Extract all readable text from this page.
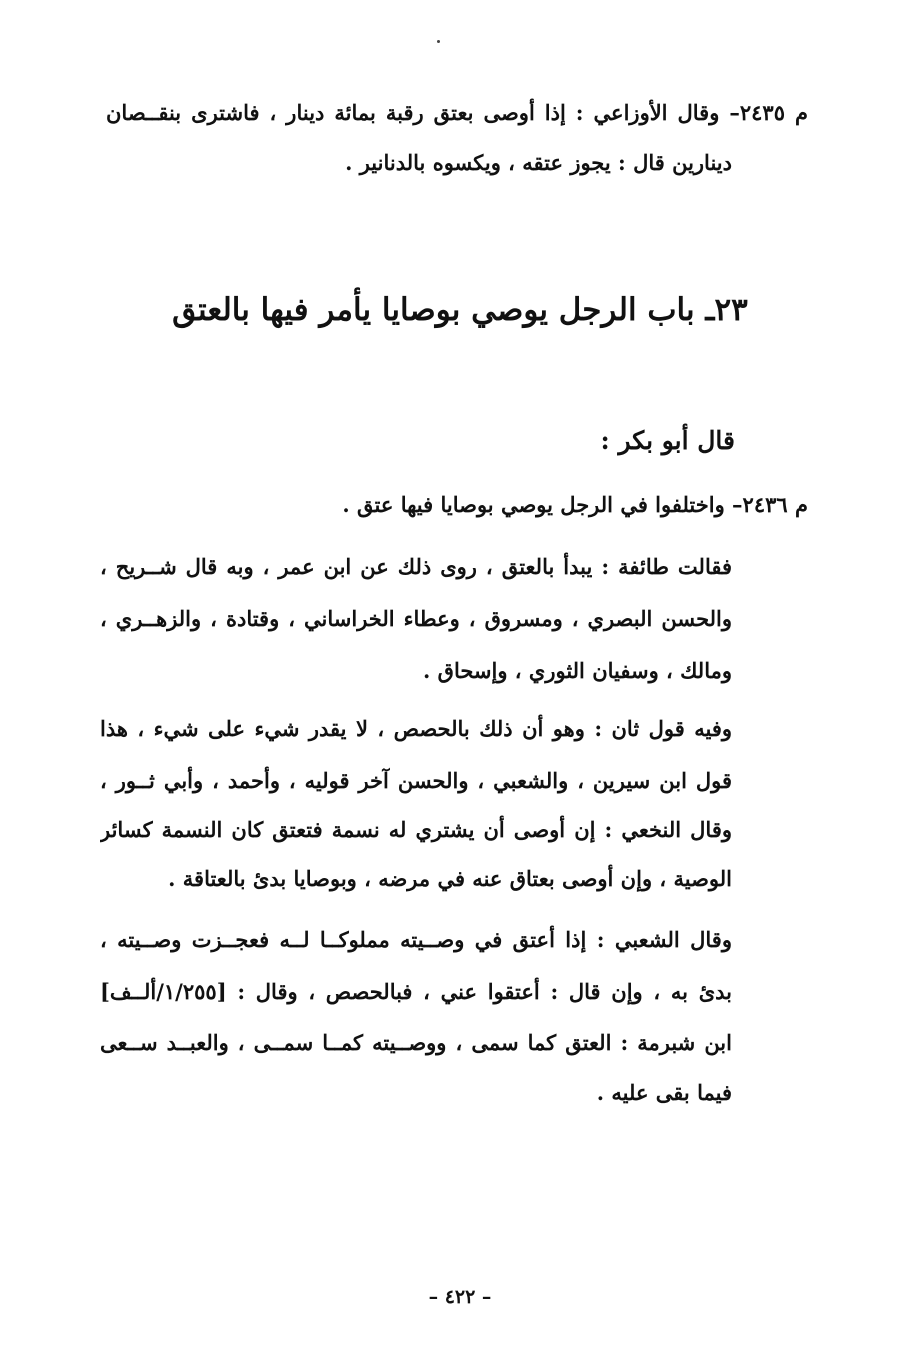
م ٢٤٣٥– وقال الأوزاعي : إذا أوصى بعتق رقبة بمائة دينار ، فاشترى بنقــصان
دينارين قال : يجوز عتقه ، ويكسوه بالدنانير .
٢٣ـ باب الرجل يوصي بوصايا يأمر فيها بالعتق
قال أبو بكر :
م ٢٤٣٦– واختلفوا في الرجل يوصي بوصايا فيها عتق .
فقالت طائفة : يبدأ بالعتق ، روى ذلك عن ابن عمر ، وبه قال شــريح ،
والحسن البصري ، ومسروق ، وعطاء الخراساني ، وقتادة ، والزهــري ،
ومالك ، وسفيان الثوري ، وإسحاق .
وفيه قول ثان : وهو أن ذلك بالحصص ، لا يقدر شيء على شيء ، هذا
قول ابن سيرين ، والشعبي ، والحسن آخر قوليه ، وأحمد ، وأبي ثــور ،
وقال النخعي : إن أوصى أن يشتري له نسمة فتعتق كان النسمة كسائر
الوصية ، وإن أوصى بعتاق عنه في مرضه ، وبوصايا بدئ بالعتاقة .
وقال الشعبي : إذا أعتق في وصــيته مملوكــا لــه فعجــزت وصــيته ،
بدئ به ، وإن قال : أعتقوا عني ، فبالحصص ، وقال : [١/٢٥٥/ألــف]
ابن شبرمة : العتق كما سمى ، ووصــيته كمــا سمــى ، والعبــد ســعى
فيما بقى عليه .
– ٤٢٢ –
